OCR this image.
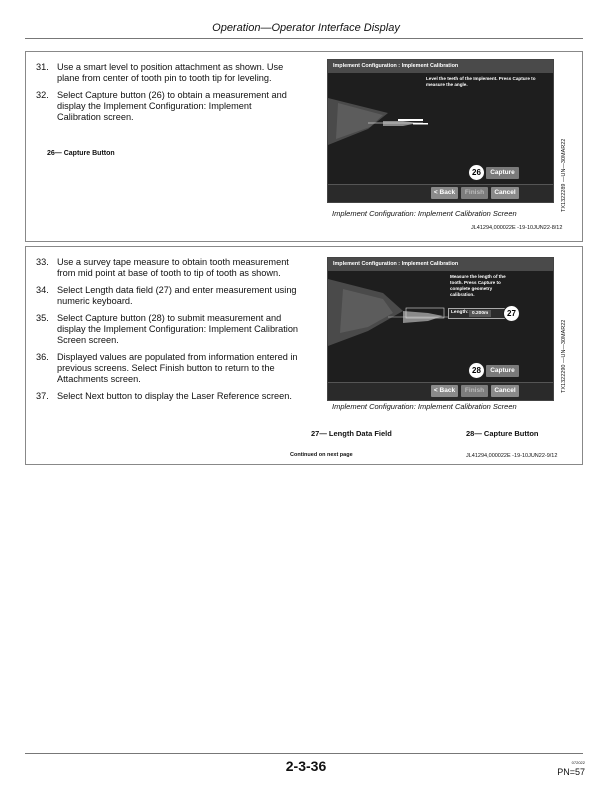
Operation—Operator Interface Display
31. Use a smart level to position attachment as shown. Use plane from center of tooth pin to tooth tip for leveling.
32. Select Capture button (26) to obtain a measurement and display the Implement Configuration: Implement Calibration screen.
26— Capture Button
Implement Configuration : Implement Calibration
Level the teeth of the Implement. Press Capture to measure the angle.
Capture
26
< Back	Finish	Cancel	TX1322289 —UN—30MAR22
Implement Configuration: Implement Calibration Screen
JL41294,000022E -19-10JUN22-8/12
33. Use a survey tape measure to obtain tooth measurement from mid point at base of tooth to tip of tooth as shown.
34. Select Length data field (27) and enter measurement using numeric keyboard.
35. Select Capture button (28) to submit measurement and display the Implement Configuration: Implement Calibration Screen screen.
36. Displayed values are populated from information entered in previous screens. Select Finish button to return to the Attachments screen.
37. Select Next button to display the Laser Reference screen.
Implement Configuration : Implement Calibration
Measure the length of the tooth. Press Capture to complete geometry calibration.
Length: 0.200m	27
Capture
28
< Back	Finish	Cancel	TX1322290 —UN—30MAR22
Implement Configuration: Implement Calibration Screen
27— Length Data Field	28— Capture Button
Continued on next page	JL41294,000022E -19-10JUN22-9/12
2-3-36	072022
PN=57
